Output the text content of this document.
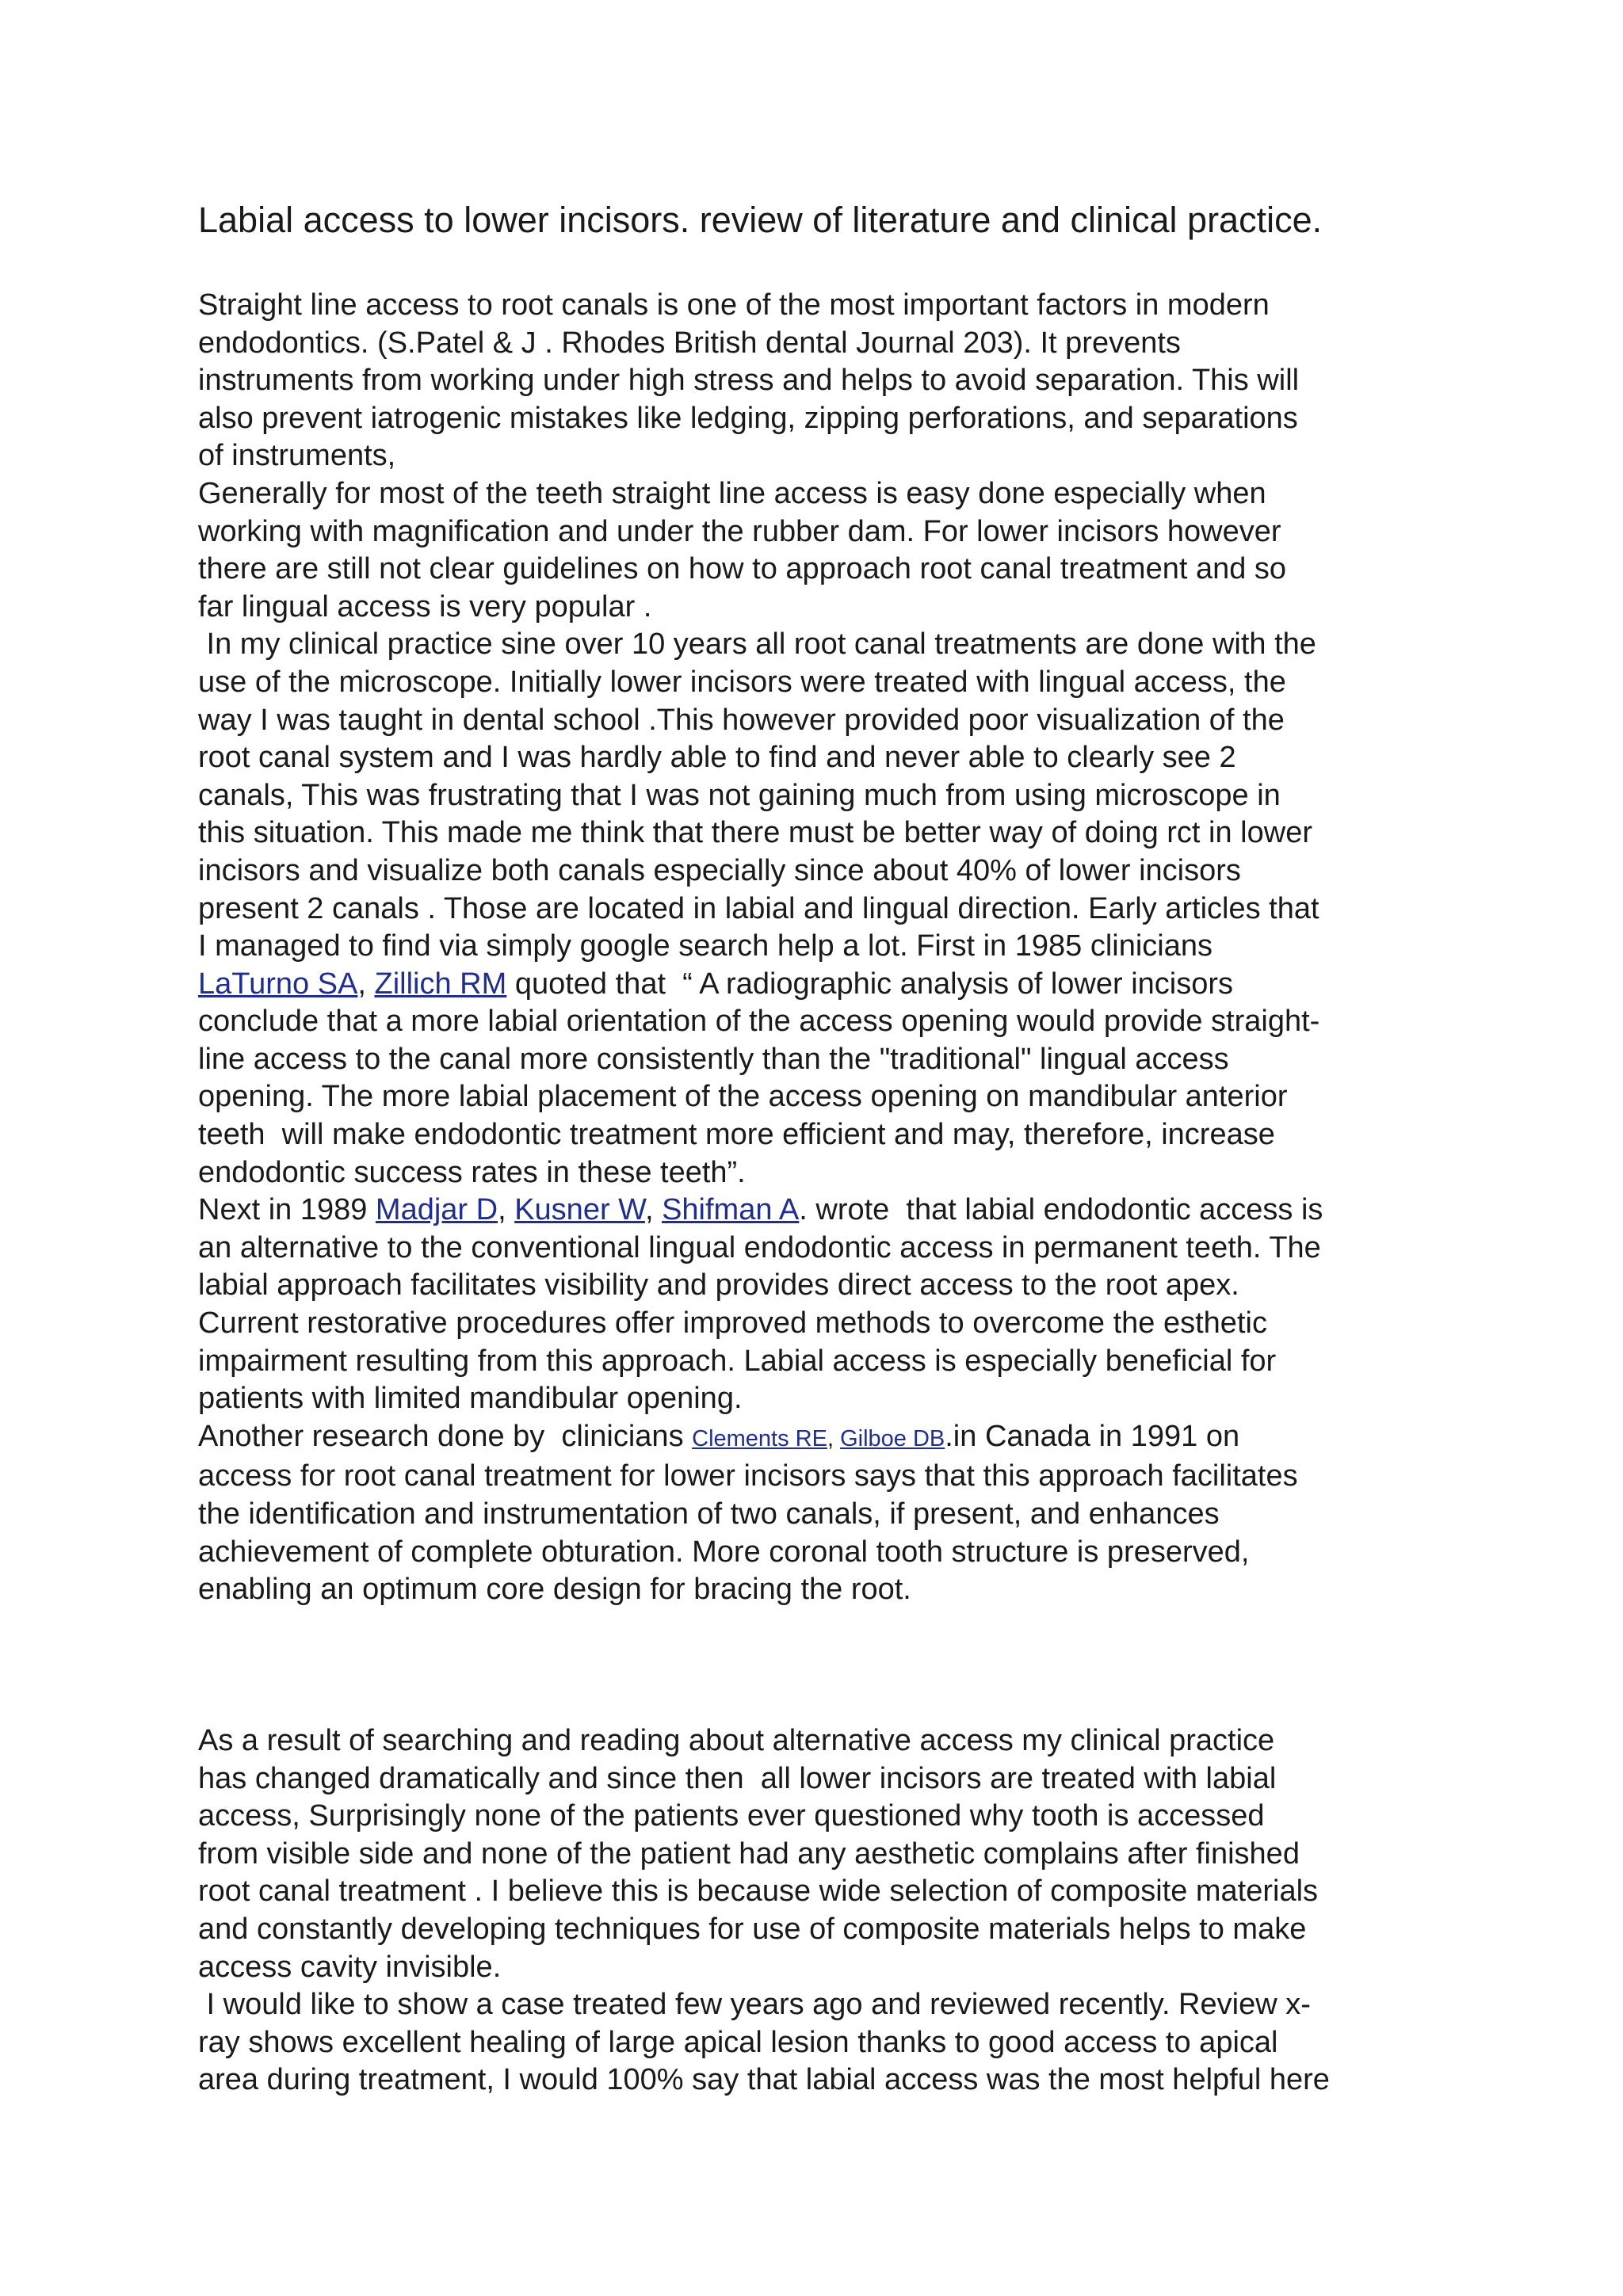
Labial access to lower incisors. review of literature and clinical practice.
Straight line access to root canals is one of the most important factors in modern
endodontics. (S.Patel & J . Rhodes British dental Journal 203). It prevents
instruments from working under high stress and helps to avoid separation. This will
also prevent iatrogenic mistakes like ledging, zipping perforations, and separations
of instruments,
Generally for most of the teeth straight line access is easy done especially when
working with magnification and under the rubber dam. For lower incisors however
there are still not clear guidelines on how to approach root canal treatment and so
far lingual access is very popular .
In my clinical practice sine over 10 years all root canal treatments are done with the
use of the microscope. Initially lower incisors were treated with lingual access, the
way I was taught in dental school .This however provided poor visualization of the
root canal system and I was hardly able to find and never able to clearly see 2
canals, This was frustrating that I was not gaining much from using microscope in
this situation. This made me think that there must be better way of doing rct in lower
incisors and visualize both canals especially since about 40% of lower incisors
present 2 canals . Those are located in labial and lingual direction. Early articles that
I managed to find via simply google search help a lot. First in 1985 clinicians
LaTurno SA, Zillich RM quoted that  “ A radiographic analysis of lower incisors
conclude that a more labial orientation of the access opening would provide straight-
line access to the canal more consistently than the "traditional" lingual access
opening. The more labial placement of the access opening on mandibular anterior
teeth  will make endodontic treatment more efficient and may, therefore, increase
endodontic success rates in these teeth”.
Next in 1989 Madjar D, Kusner W, Shifman A. wrote  that labial endodontic access is
an alternative to the conventional lingual endodontic access in permanent teeth. The
labial approach facilitates visibility and provides direct access to the root apex.
Current restorative procedures offer improved methods to overcome the esthetic
impairment resulting from this approach. Labial access is especially beneficial for
patients with limited mandibular opening.
Another research done by  clinicians Clements RE, Gilboe DB.in Canada in 1991 on
access for root canal treatment for lower incisors says that this approach facilitates
the identification and instrumentation of two canals, if present, and enhances
achievement of complete obturation. More coronal tooth structure is preserved,
enabling an optimum core design for bracing the root.
As a result of searching and reading about alternative access my clinical practice
has changed dramatically and since then  all lower incisors are treated with labial
access, Surprisingly none of the patients ever questioned why tooth is accessed
from visible side and none of the patient had any aesthetic complains after finished
root canal treatment . I believe this is because wide selection of composite materials
and constantly developing techniques for use of composite materials helps to make
access cavity invisible.
I would like to show a case treated few years ago and reviewed recently. Review x-
ray shows excellent healing of large apical lesion thanks to good access to apical
area during treatment, I would 100% say that labial access was the most helpful here
